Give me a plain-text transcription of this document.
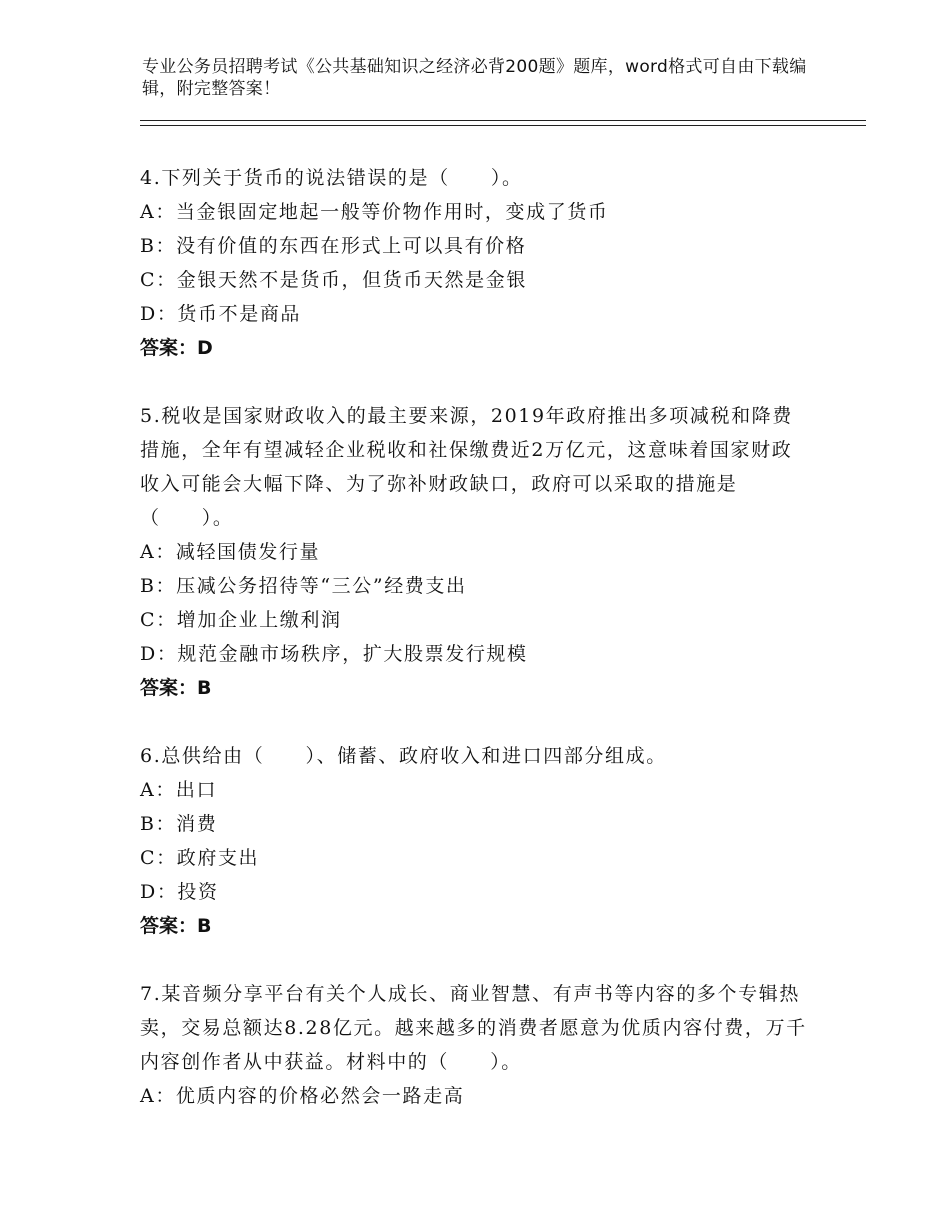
专业公务员招聘考试《公共基础知识之经济必背200题》题库，word格式可自由下载编辑，附完整答案！

4.下列关于货币的说法错误的是（　　）。

A：当金银固定地起一般等价物作用时，变成了货币

B：没有价值的东西在形式上可以具有价格

C：金银天然不是货币，但货币天然是金银

D：货币不是商品

答案：D

5.税收是国家财政收入的最主要来源，2019年政府推出多项减税和降费措施，全年有望减轻企业税收和社保缴费近2万亿元，这意味着国家财政收入可能会大幅下降、为了弥补财政缺口，政府可以采取的措施是（　　）。

A：减轻国债发行量

B：压减公务招待等“三公”经费支出

C：增加企业上缴利润

D：规范金融市场秩序，扩大股票发行规模

答案：B

6.总供给由（　　）、储蓄、政府收入和进口四部分组成。

A：出口

B：消费

C：政府支出

D：投资

答案：B

7.某音频分享平台有关个人成长、商业智慧、有声书等内容的多个专辑热卖，交易总额达8.28亿元。越来越多的消费者愿意为优质内容付费，万千内容创作者从中获益。材料中的（　　）。

A：优质内容的价格必然会一路走高
